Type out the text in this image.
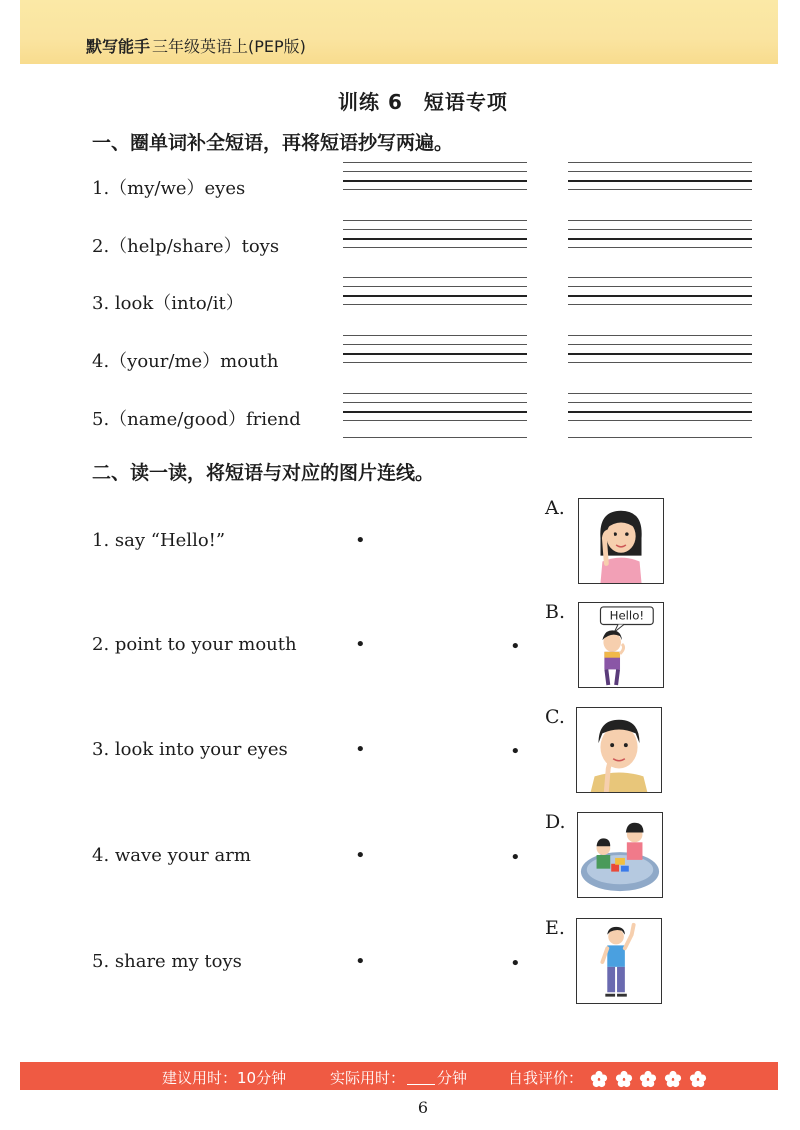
默写能手 三年级英语上(PEP版)
训练 6　短语专项
一、圈单词补全短语，再将短语抄写两遍。
1.（my/we）eyes
2.（help/share）toys
3. look（into/it）
4.（your/me）mouth
5.（name/good）friend
二、读一读，将短语与对应的图片连线。
1. say “Hello!”
2. point to your mouth
3. look into your eyes
4. wave your arm
5. share my toys
•
•
•
•
•
•
•
•
•
A.
B.
C.
D.
E.
Hello!
建议用时：10分钟	实际用时： 分钟	自我评价：
6
